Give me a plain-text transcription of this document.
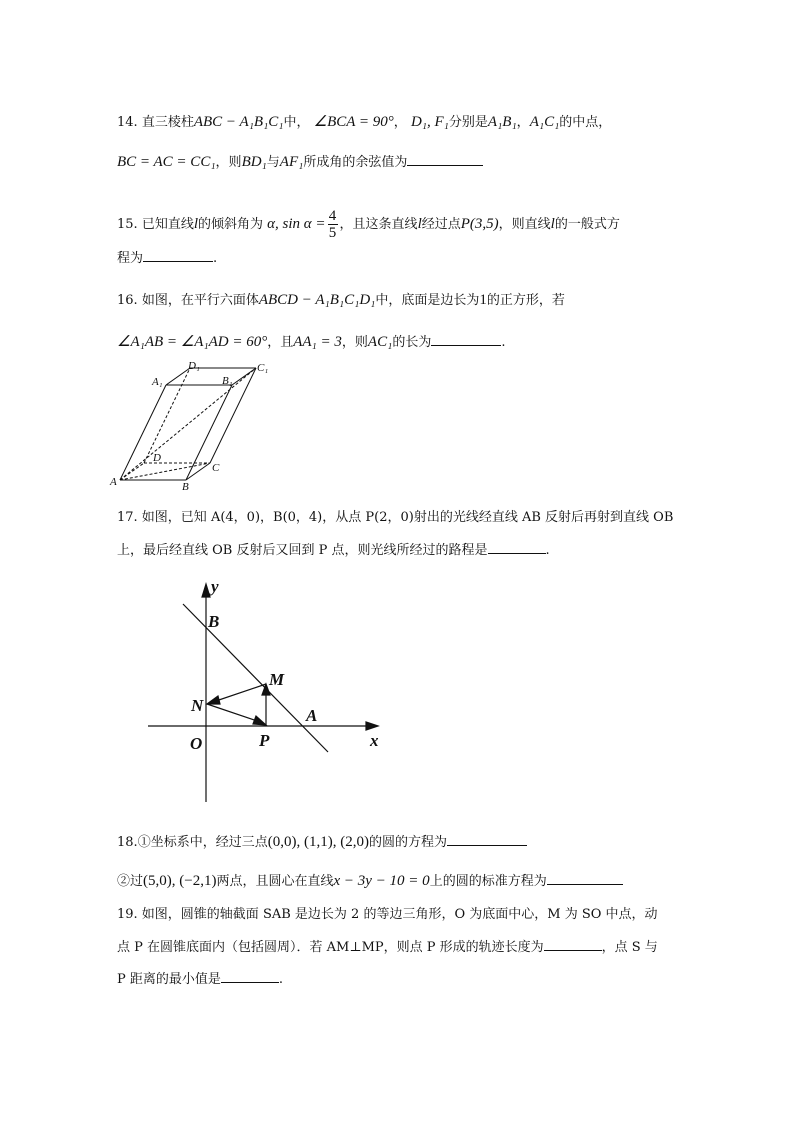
14. 直三棱柱ABC − A₁B₁C₁中， ∠BCA = 90°， D₁, F₁分别是A₁B₁，A₁C₁的中点，
BC = AC = CC₁，则BD₁与AF₁所成角的余弦值为
15. 已知直线l的倾斜角为 α, $\sin \alpha = \frac{4}{5}$ ，且这条直线l经过点P(3,5)，则直线l的一般式方
程为	.
16. 如图，在平行六面体ABCD − A₁B₁C₁D₁中，底面是边长为1的正方形，若
∠A₁AB = ∠A₁AD = 60°，且AA₁ = 3，则AC₁的长为	.
A₁
D₁
B₁
C₁
A	B
C
D
17. 如图，已知 A(4，0)，B(0，4)，从点 P(2，0)射出的光线经直线 AB 反射后再射到直线 OB
上，最后经直线 OB 反射后又回到 P 点，则光线所经过的路程是	.
y
x
B
M
N
A
O	P
18.①坐标系中，经过三点(0,0), (1,1), (2,0)的圆的方程为
②过(5,0), (−2,1)两点，且圆心在直线x − 3y − 10 = 0上的圆的标准方程为
19. 如图，圆锥的轴截面 SAB 是边长为 2 的等边三角形，O 为底面中心，M 为 SO 中点，动
点 P 在圆锥底面内（包括圆周）．若 AM⊥MP，则点 P 形成的轨迹长度为	，点 S 与
P 距离的最小值是	.
